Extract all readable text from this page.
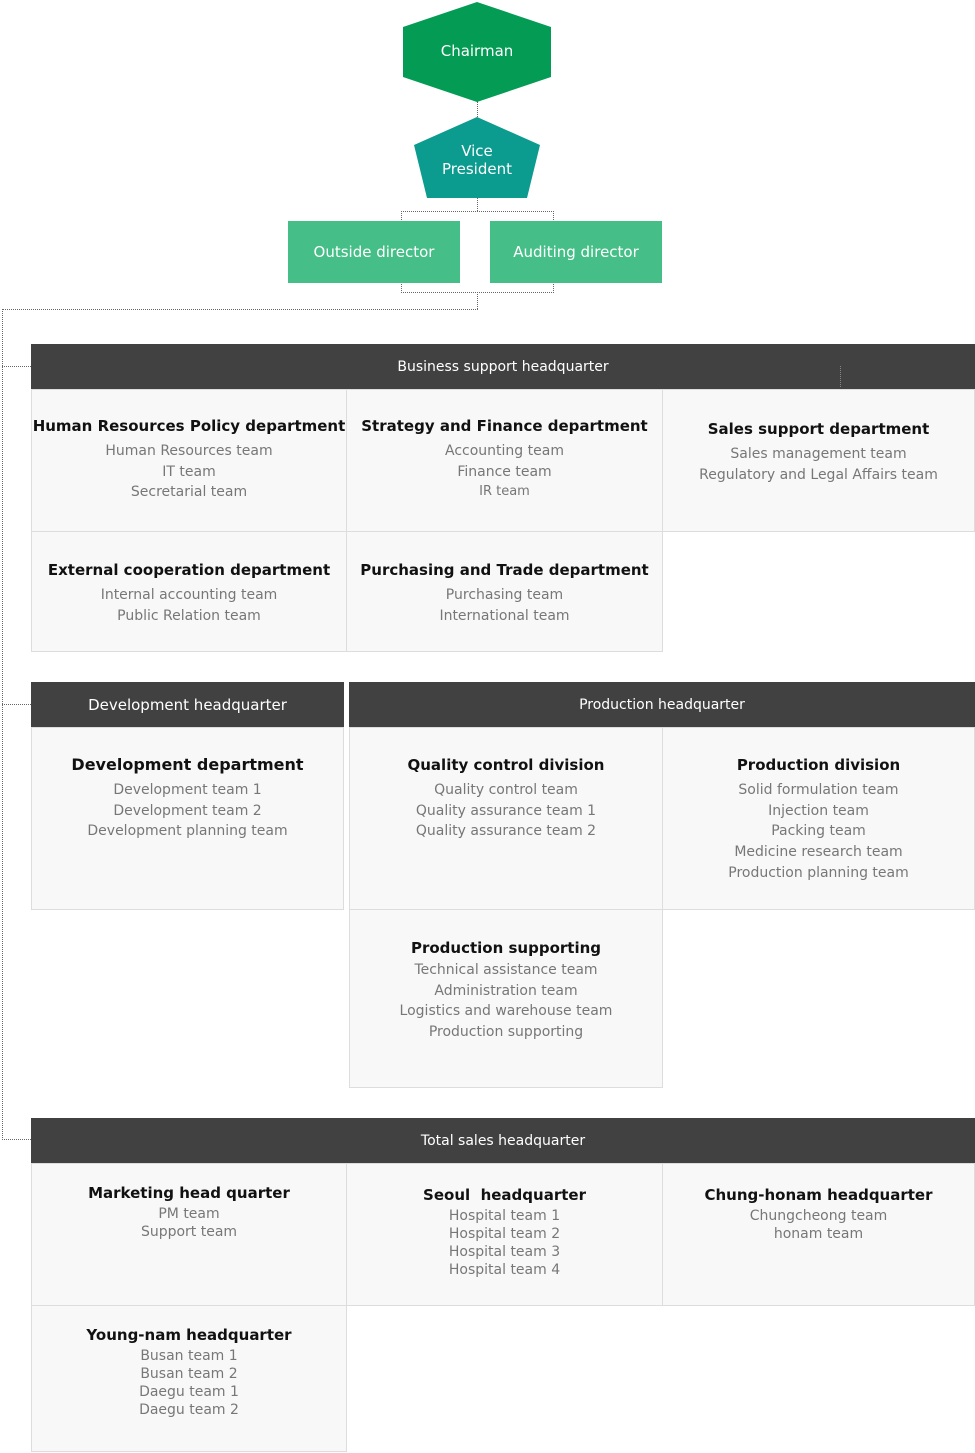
Chairman
Vice
President
Outside director	Auditing director
Business support headquarter
Human Resources Policy department
Human Resources team
IT team
Secretarial team
Strategy and Finance department
Accounting team
Finance team
IR team
Sales support department
Sales management team
Regulatory and Legal Affairs team
External cooperation department
Internal accounting team
Public Relation team
Purchasing and Trade department
Purchasing team
International team
Development headquarter
Development department
Development team 1
Development team 2
Development planning team
Production headquarter
Quality control division
Quality control team
Quality assurance team 1
Quality assurance team 2
Production division
Solid formulation team
Injection team
Packing team
Medicine research team
Production planning team
Production supporting
Technical assistance team
Administration team
Logistics and warehouse team
Production supporting
Total sales headquarter
Marketing head quarter
PM team
Support team
Seoul  headquarter
Hospital team 1
Hospital team 2
Hospital team 3
Hospital team 4
Chung-honam headquarter
Chungcheong team
honam team
Young-nam headquarter
Busan team 1
Busan team 2
Daegu team 1
Daegu team 2
